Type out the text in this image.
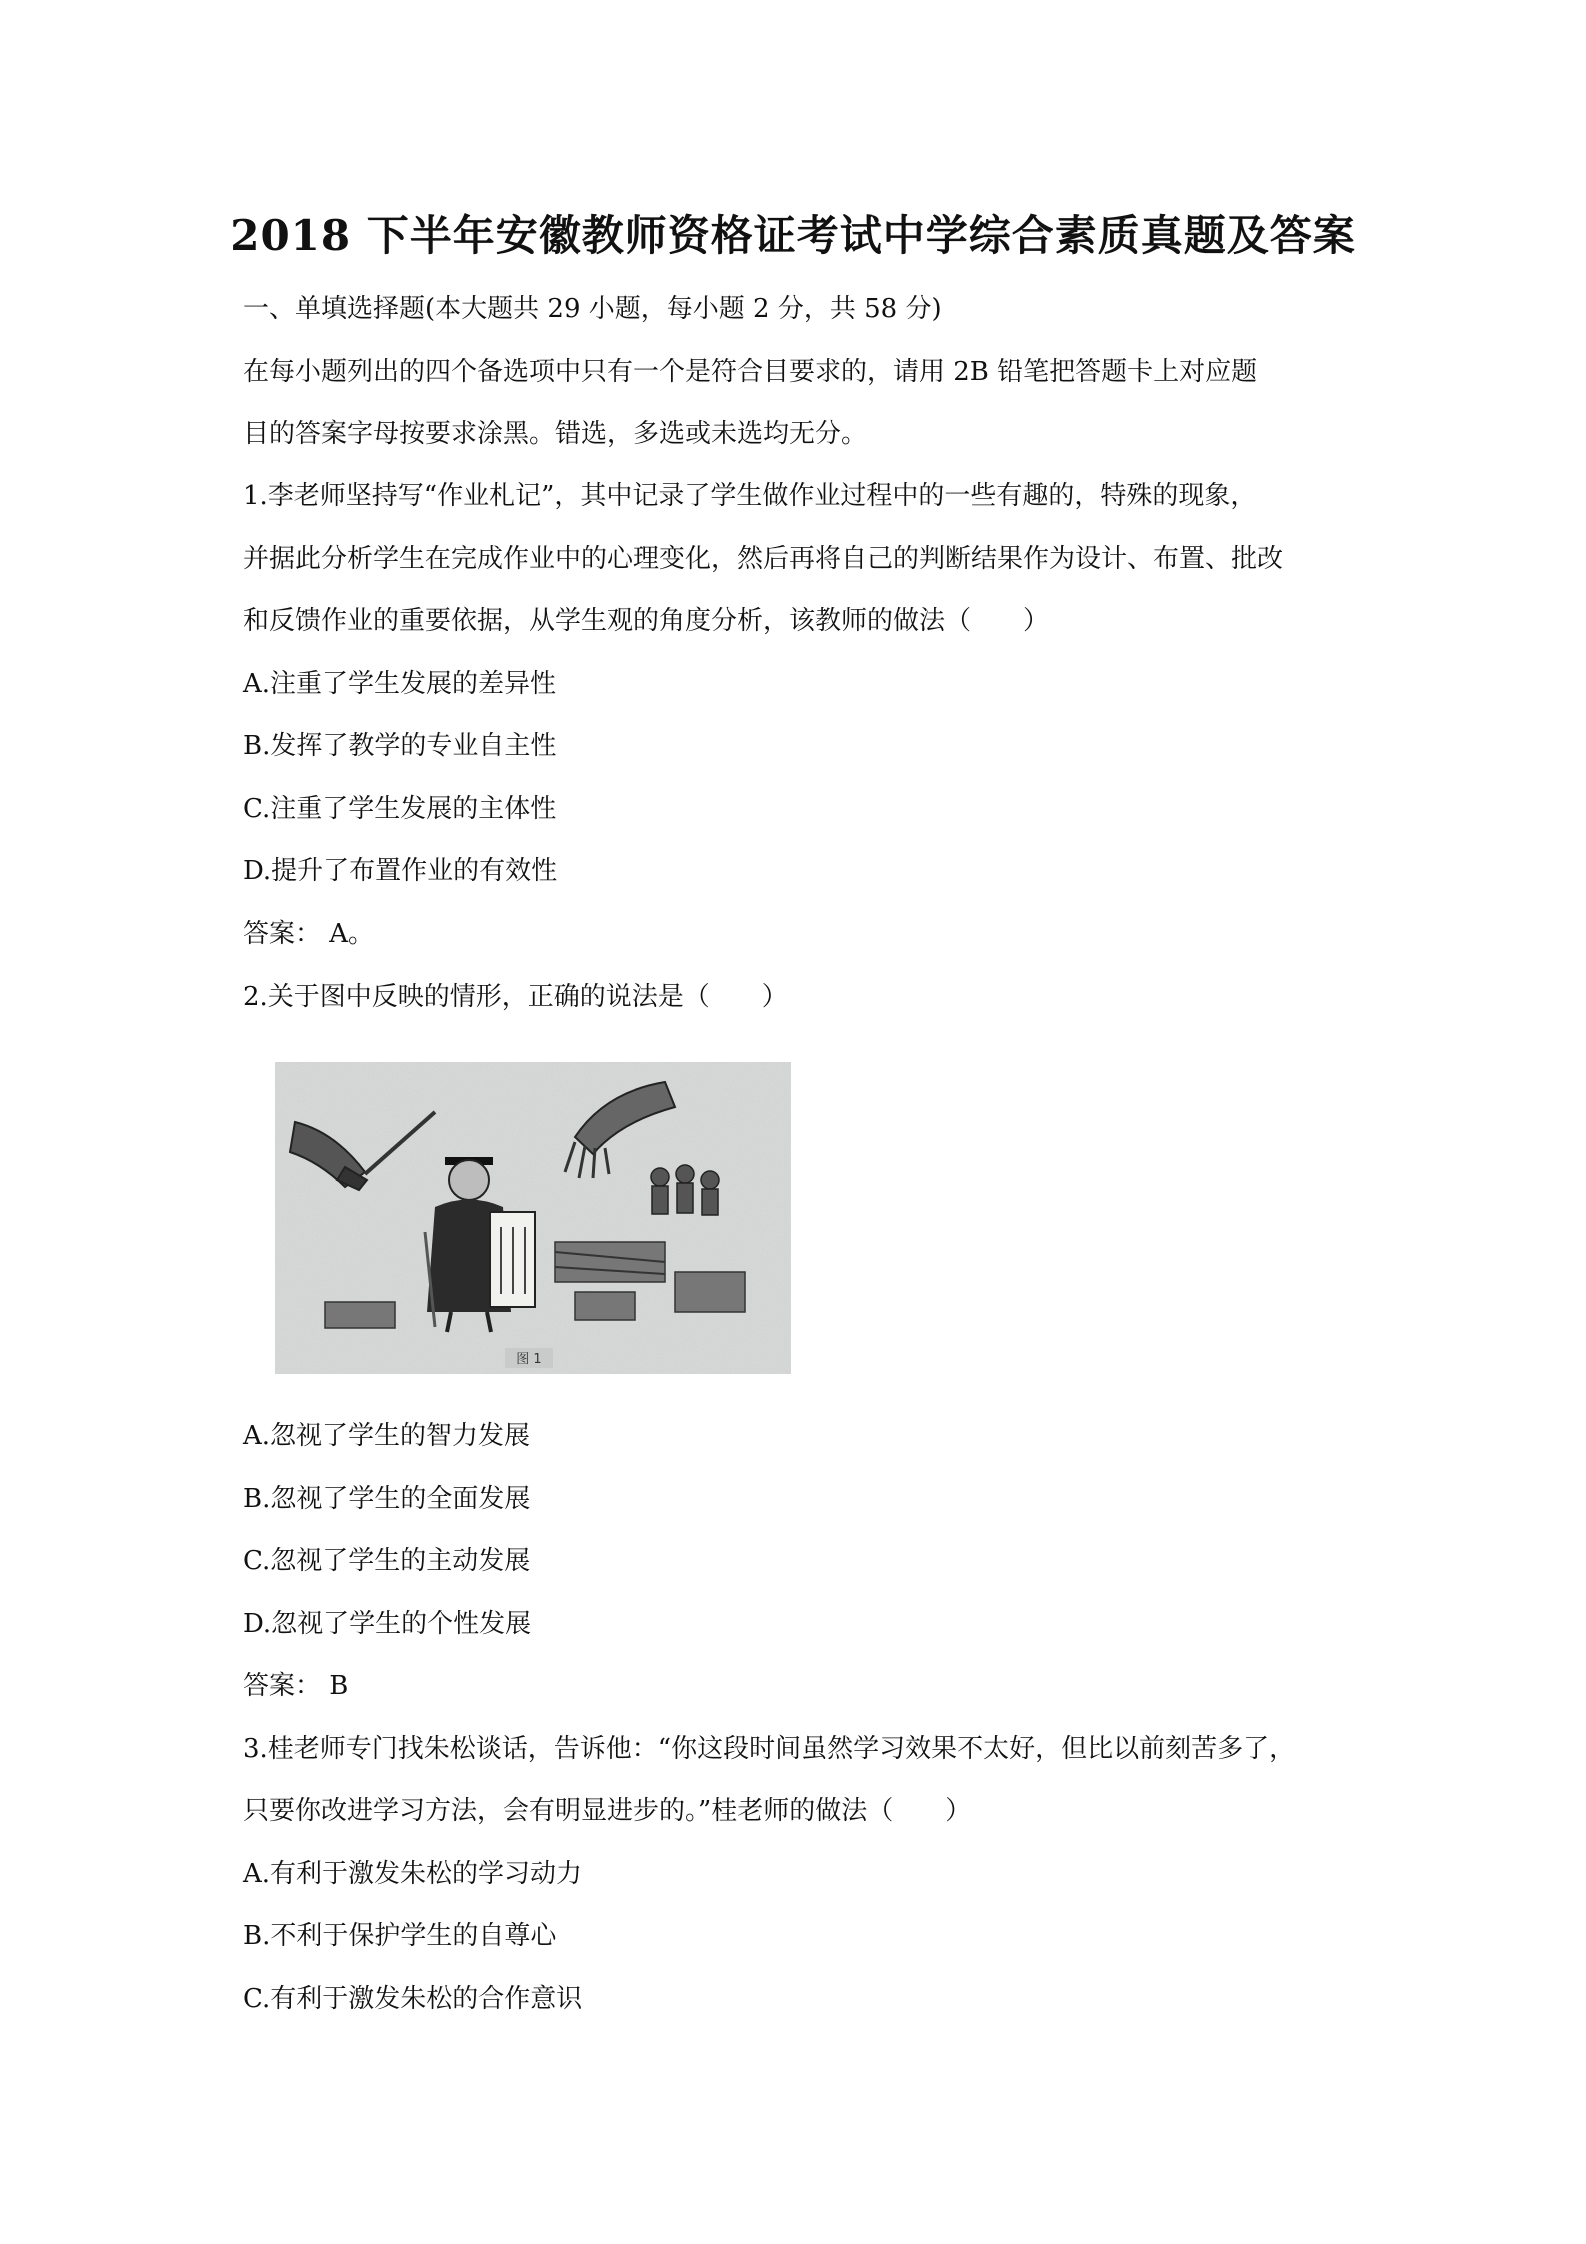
2018 下半年安徽教师资格证考试中学综合素质真题及答案
一、单填选择题(本大题共 29 小题，每小题 2 分，共 58 分)
在每小题列出的四个备选项中只有一个是符合目要求的，请用 2B 铅笔把答题卡上对应题
目的答案字母按要求涂黑。错选，多选或未选均无分。
1.李老师坚持写“作业札记”，其中记录了学生做作业过程中的一些有趣的，特殊的现象，
并据此分析学生在完成作业中的心理变化，然后再将自己的判断结果作为设计、布置、批改
和反馈作业的重要依据，从学生观的角度分析，该教师的做法（　　）
A.注重了学生发展的差异性
B.发挥了教学的专业自主性
C.注重了学生发展的主体性
D.提升了布置作业的有效性
答案： A。
2.关于图中反映的情形，正确的说法是（　　）
图 1
A.忽视了学生的智力发展
B.忽视了学生的全面发展
C.忽视了学生的主动发展
D.忽视了学生的个性发展
答案： B
3.桂老师专门找朱松谈话，告诉他：“你这段时间虽然学习效果不太好，但比以前刻苦多了，
只要你改进学习方法，会有明显进步的。”桂老师的做法（　　）
A.有利于激发朱松的学习动力
B.不利于保护学生的自尊心
C.有利于激发朱松的合作意识
